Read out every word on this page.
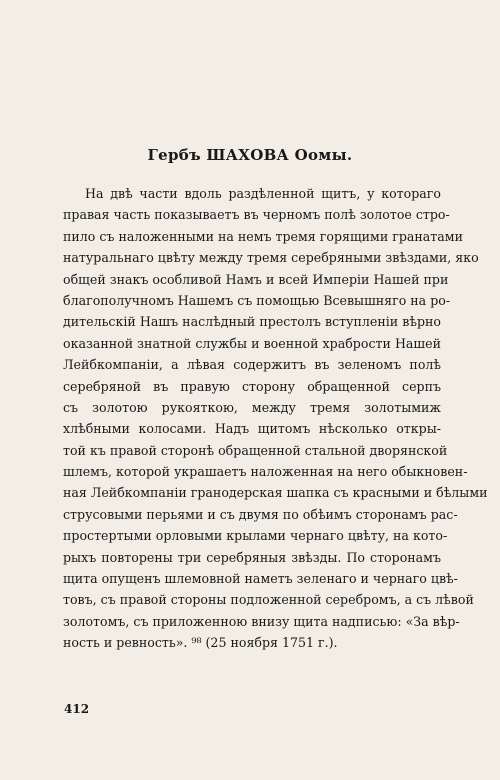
Гербъ ШАХОВА Оомы.
На двѣ части вдоль раздѣленной щитъ, у котораго
правая часть показываетъ въ черномъ полѣ золотое стро-
пило съ наложенными на немъ тремя горящими гранатами
натуральнаго цвѣту между тремя серебряными звѣздами, яко
общей знакъ особливой Намъ и всей Имперіи Нашей при
благополучномъ Нашемъ съ помощью Всевышняго на ро-
дительскій Нашъ наслѣдный престолъ вступленіи вѣрно
оказанной знатной службы и военной храбрости Нашей
Лейбкомпаніи, а лѣвая содержитъ въ зеленомъ полѣ
серебряной въ правую сторону обращенной серпъ
съ золотою рукояткою, между тремя золотымиж
хлѣбными колосами. Надъ щитомъ нѣсколько откры-
той къ правой сторонѣ обращенной стальной дворянской
шлемъ, которой украшаетъ наложенная на него обыкновен-
ная Лейбкомпаніи гранодерская шапка съ красными и бѣлыми
струсовыми перьями и съ двумя по обѣимъ сторонамъ рас-
простертыми орловыми крылами чернаго цвѣту, на кото-
рыхъ повторены три серебряныя звѣзды. По сторонамъ
щита опущенъ шлемовной наметъ зеленаго и чернаго цвѣ-
товъ, съ правой стороны подложенной серебромъ, а съ лѣвой
золотомъ, съ приложенною внизу щита надписью: «За вѣр-
ность и ревность». ⁹⁸ (25 ноября 1751 г.).
412
